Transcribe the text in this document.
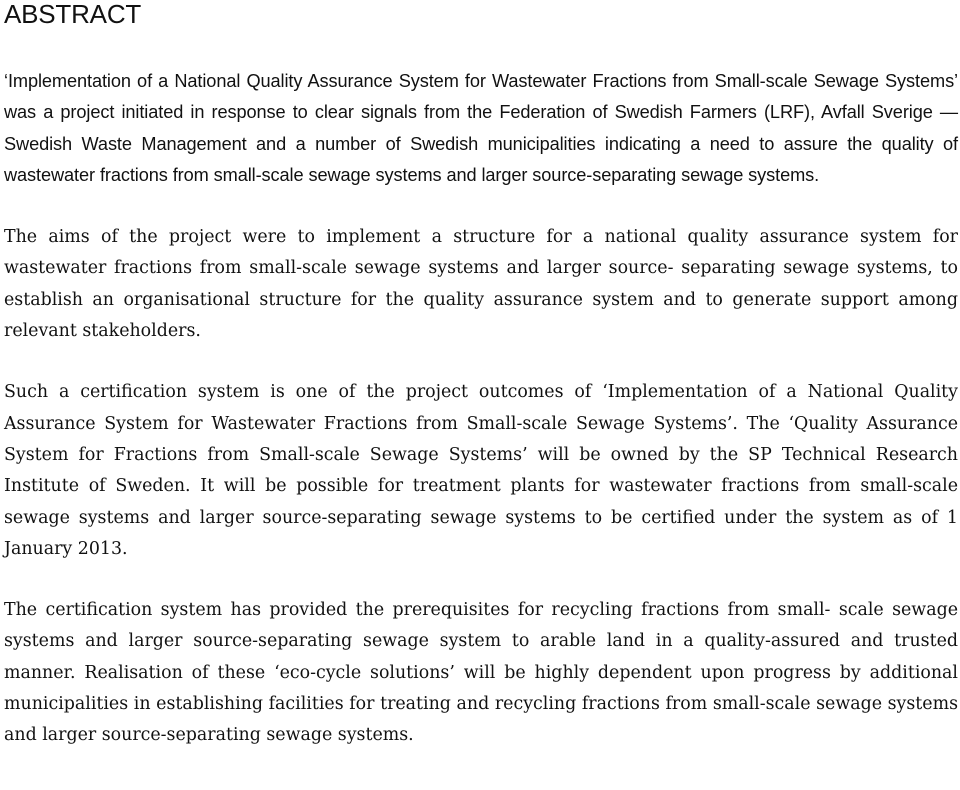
ABSTRACT

‘Implementation of a National Quality Assurance System for Wastewater Fractions from Small-scale Sewage Systems’ was a project initiated in response to clear signals from the Federation of Swedish Farmers (LRF), Avfall Sverige — Swedish Waste Management and a number of Swedish municipalities indicating a need to assure the quality of wastewater fractions from small-scale sewage systems and larger source-separating sewage systems.

The aims of the project were to implement a structure for a national quality assurance system for wastewater fractions from small-scale sewage systems and larger source- separating sewage systems, to establish an organisational structure for the quality assurance system and to generate support among relevant stakeholders.

Such a certification system is one of the project outcomes of ‘Implementation of a National Quality Assurance System for Wastewater Fractions from Small-scale Sewage Systems’. The ‘Quality Assurance System for Fractions from Small-scale Sewage Systems’ will be owned by the SP Technical Research Institute of Sweden. It will be possible for treatment plants for wastewater fractions from small-scale sewage systems and larger source-separating sewage systems to be certified under the system as of 1 January 2013.

The certification system has provided the prerequisites for recycling fractions from small- scale sewage systems and larger source-separating sewage system to arable land in a quality-assured and trusted manner. Realisation of these ‘eco-cycle solutions’ will be highly dependent upon progress by additional municipalities in establishing facilities for treating and recycling fractions from small-scale sewage systems and larger source-separating sewage systems.
